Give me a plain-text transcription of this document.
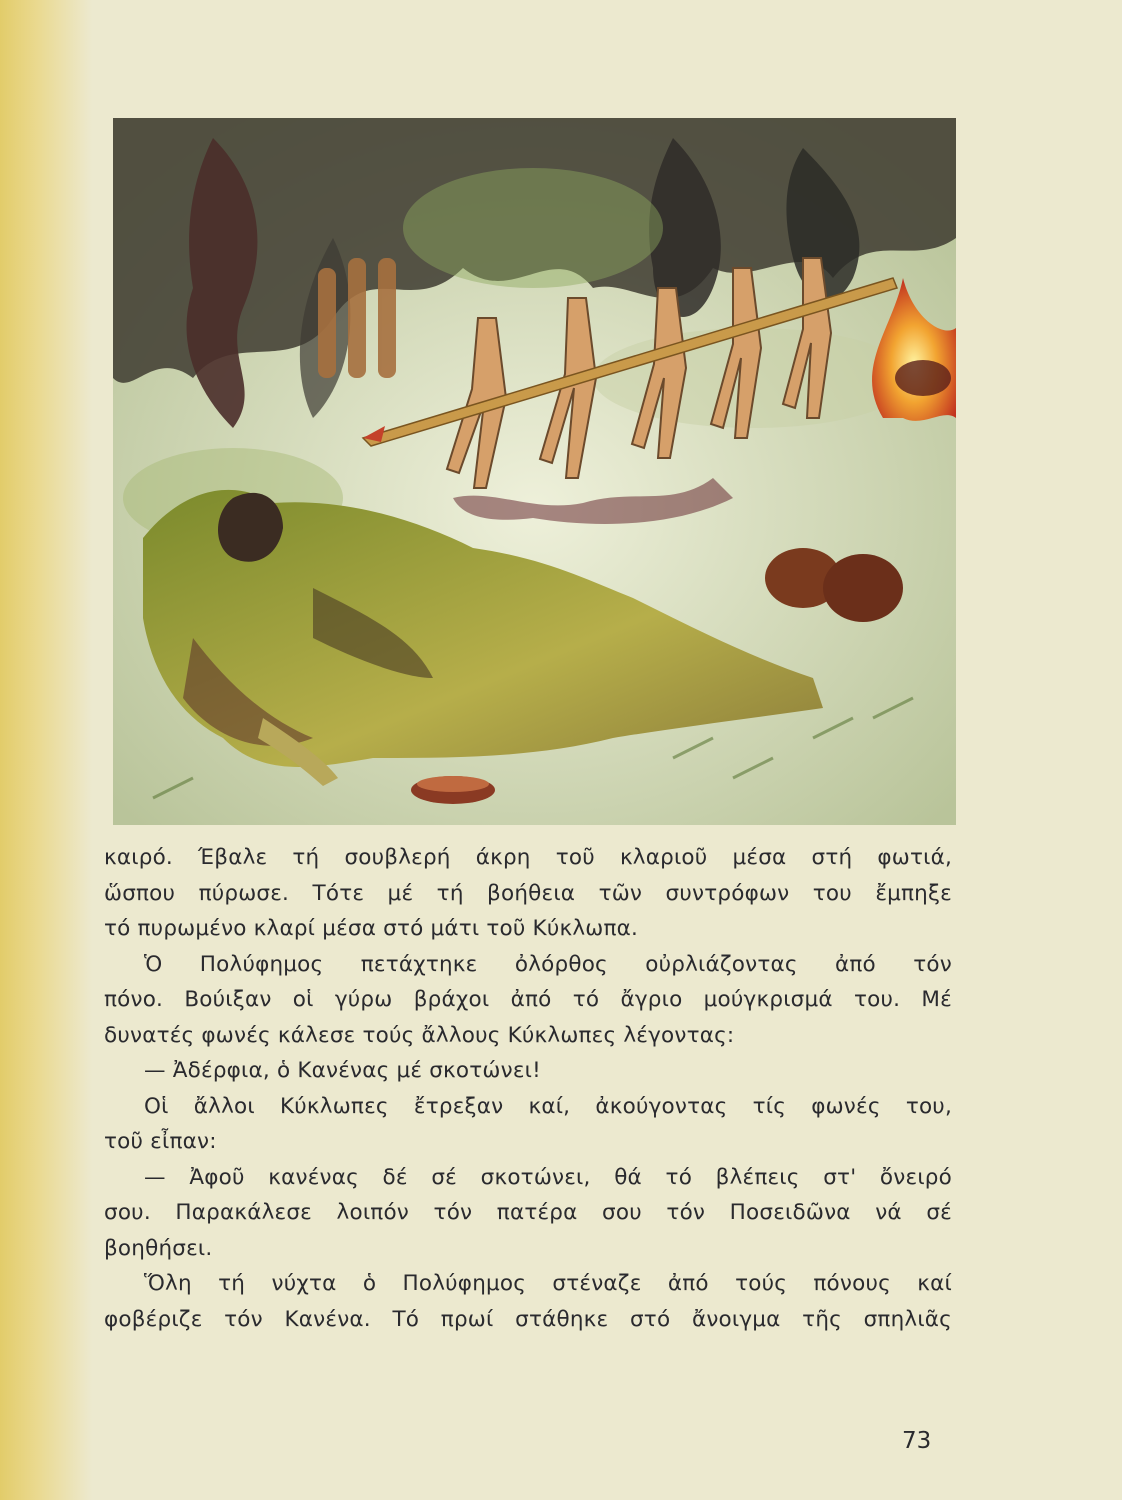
καιρό. Έβαλε τή σουβλερή άκρη τοῦ κλαριοῦ μέσα στή φωτιά,
ὥσπου πύρωσε. Τότε μέ τή βοήθεια τῶν συντρόφων του ἔμπηξε
τό πυρωμένο κλαρί μέσα στό μάτι τοῦ Κύκλωπα.
Ὁ Πολύφημος πετάχτηκε ὀλόρθος οὐρλιάζοντας ἀπό τόν
πόνο. Βούιξαν οἱ γύρω βράχοι ἀπό τό ἄγριο μούγκρισμά του. Μέ
δυνατές φωνές κάλεσε τούς ἄλλους Κύκλωπες λέγοντας:
— Ἀδέρφια, ὁ Κανένας μέ σκοτώνει!
Οἱ ἄλλοι Κύκλωπες ἔτρεξαν καί, ἀκούγοντας τίς φωνές του,
τοῦ εἶπαν:
— Ἀφοῦ κανένας δέ σέ σκοτώνει, θά τό βλέπεις στ' ὄνειρό
σου. Παρακάλεσε λοιπόν τόν πατέρα σου τόν Ποσειδῶνα νά σέ
βοηθήσει.
Ὅλη τή νύχτα ὁ Πολύφημος στέναζε ἀπό τούς πόνους καί
φοβέριζε τόν Κανένα. Τό πρωί στάθηκε στό ἄνοιγμα τῆς σπηλιᾶς
73
